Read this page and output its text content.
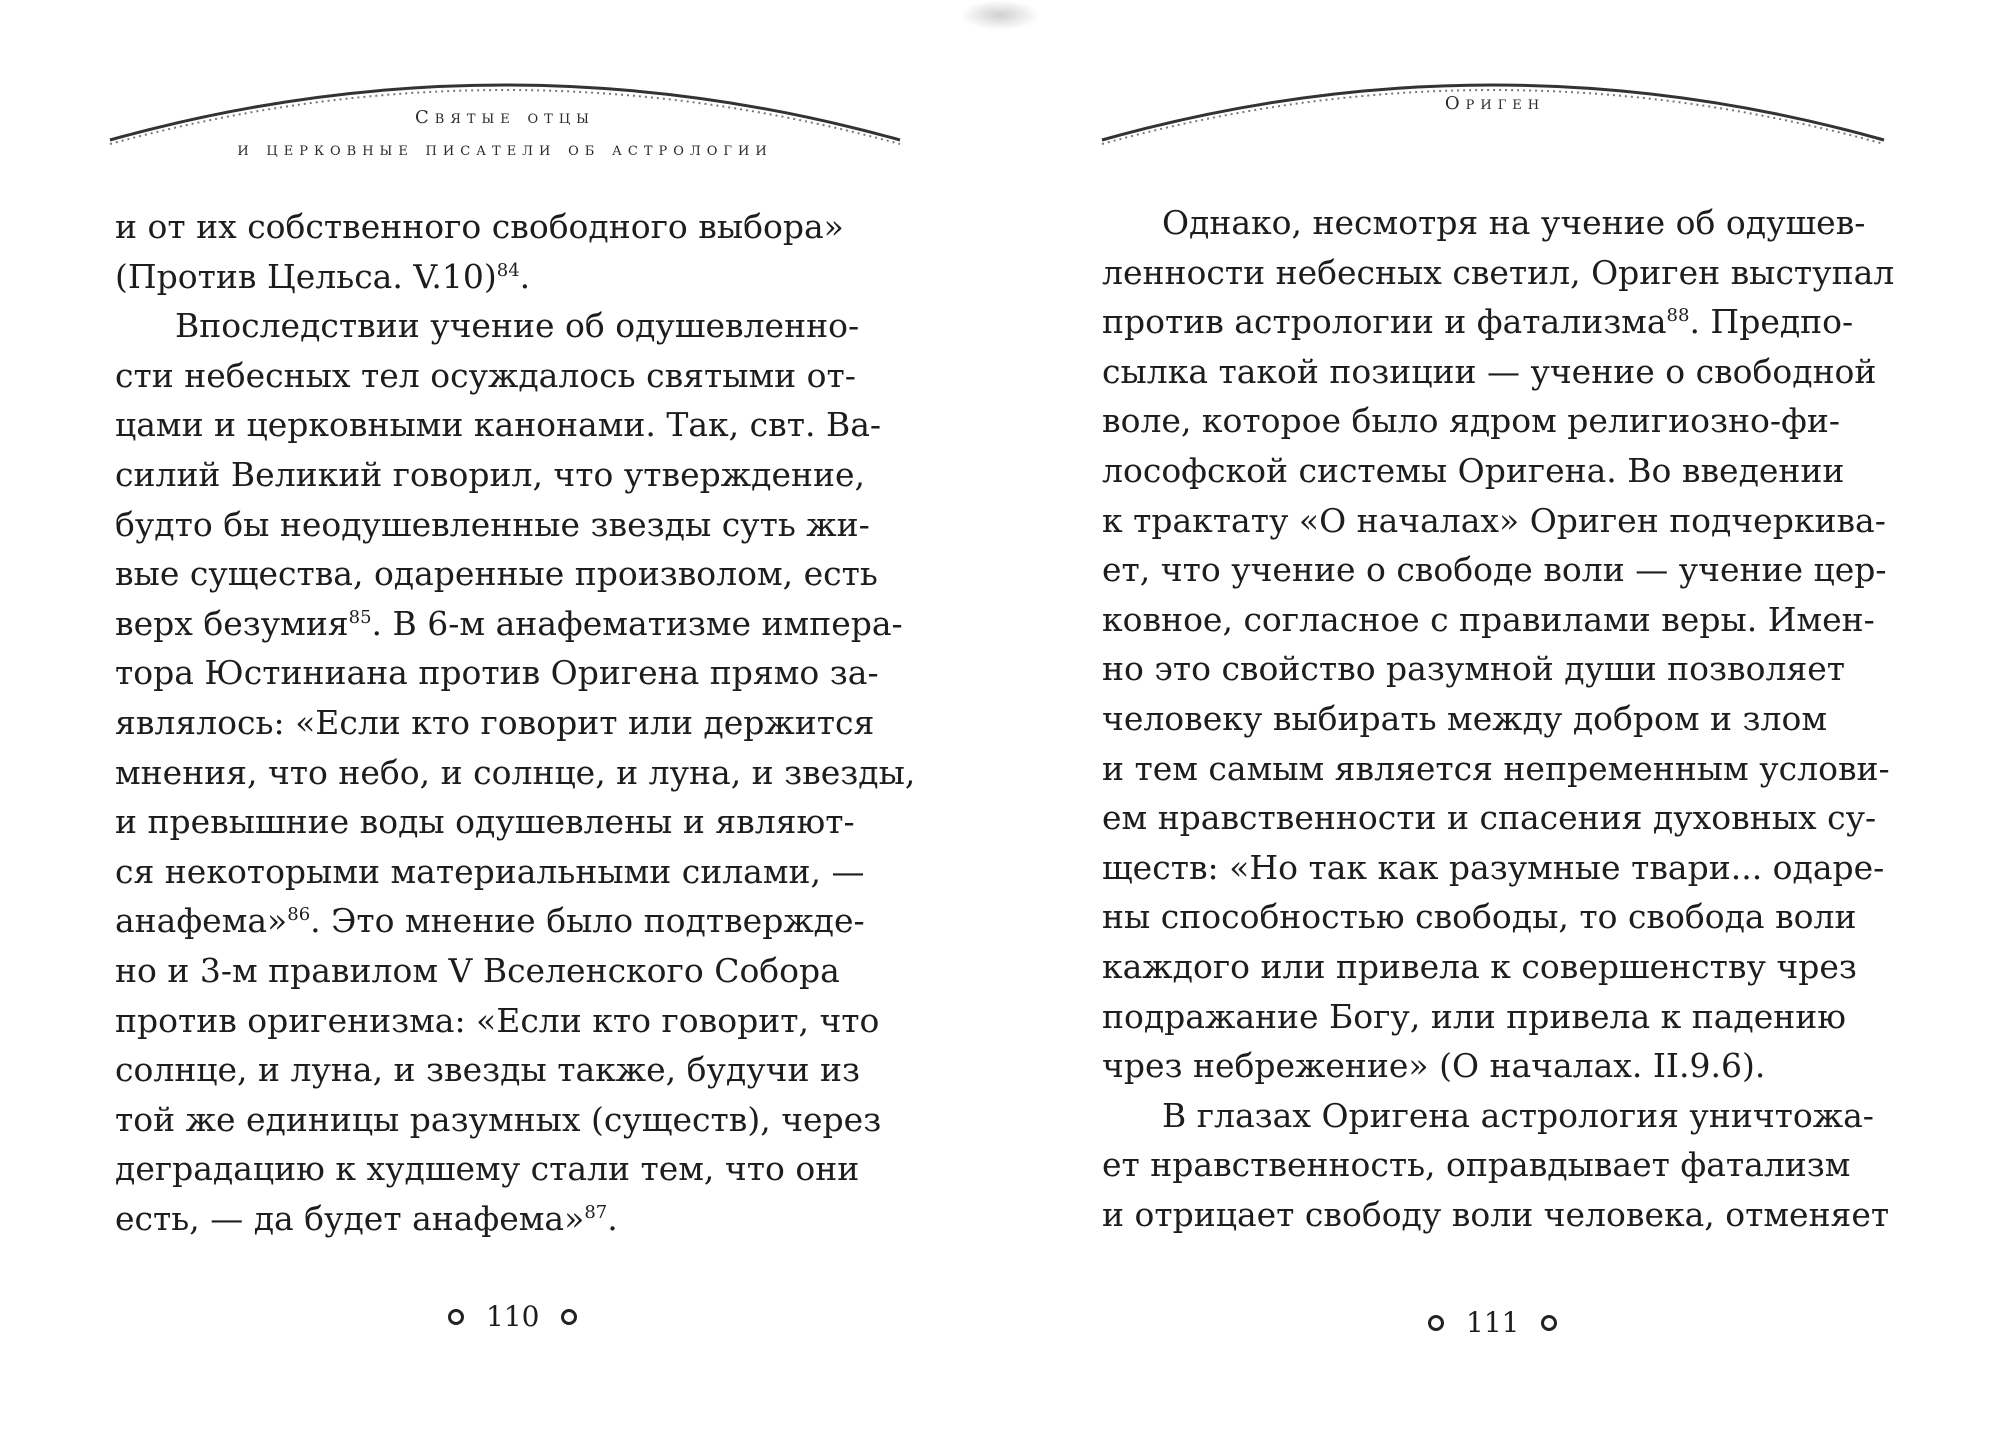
Святые отцы
и церковные писатели об астрологии
и от их собственного свободного выбора»
(Против Цельса. V.10)$^{84}$.
Впоследствии учение об одушевленно-
сти небесных тел осуждалось святыми от-
цами и церковными канонами. Так, свт. Ва-
силий Великий говорил, что утверждение,
будто бы неодушевленные звезды суть жи-
вые существа, одаренные произволом, есть
верх безумия$^{85}$. В 6-м анафематизме импера-
тора Юстиниана против Оригена прямо за-
являлось: «Если кто говорит или держится
мнения, что небо, и солнце, и луна, и звезды,
и превышние воды одушевлены и являют-
ся некоторыми материальными силами, —
анафема»$^{86}$. Это мнение было подтвержде-
но и 3-м правилом V Вселенского Собора
против оригенизма: «Если кто говорит, что
солнце, и луна, и звезды также, будучи из
той же единицы разумных (существ), через
деградацию к худшему стали тем, что они
есть, — да будет анафема»$^{87}$.
110
Ориген
Однако, несмотря на учение об одушев-
ленности небесных светил, Ориген выступал
против астрологии и фатализма$^{88}$. Предпо-
сылка такой позиции — учение о свободной
воле, которое было ядром религиозно-фи-
лософской системы Оригена. Во введении
к трактату «О началах» Ориген подчеркива-
ет, что учение о свободе воли — учение цер-
ковное, согласное с правилами веры. Имен-
но это свойство разумной души позволяет
человеку выбирать между добром и злом
и тем самым является непременным услови-
ем нравственности и спасения духовных су-
ществ: «Но так как разумные твари... одаре-
ны способностью свободы, то свобода воли
каждого или привела к совершенству чрез
подражание Богу, или привела к падению
чрез небрежение» (О началах. II.9.6).
В глазах Оригена астрология уничтожа-
ет нравственность, оправдывает фатализм
и отрицает свободу воли человека, отменяет
111
